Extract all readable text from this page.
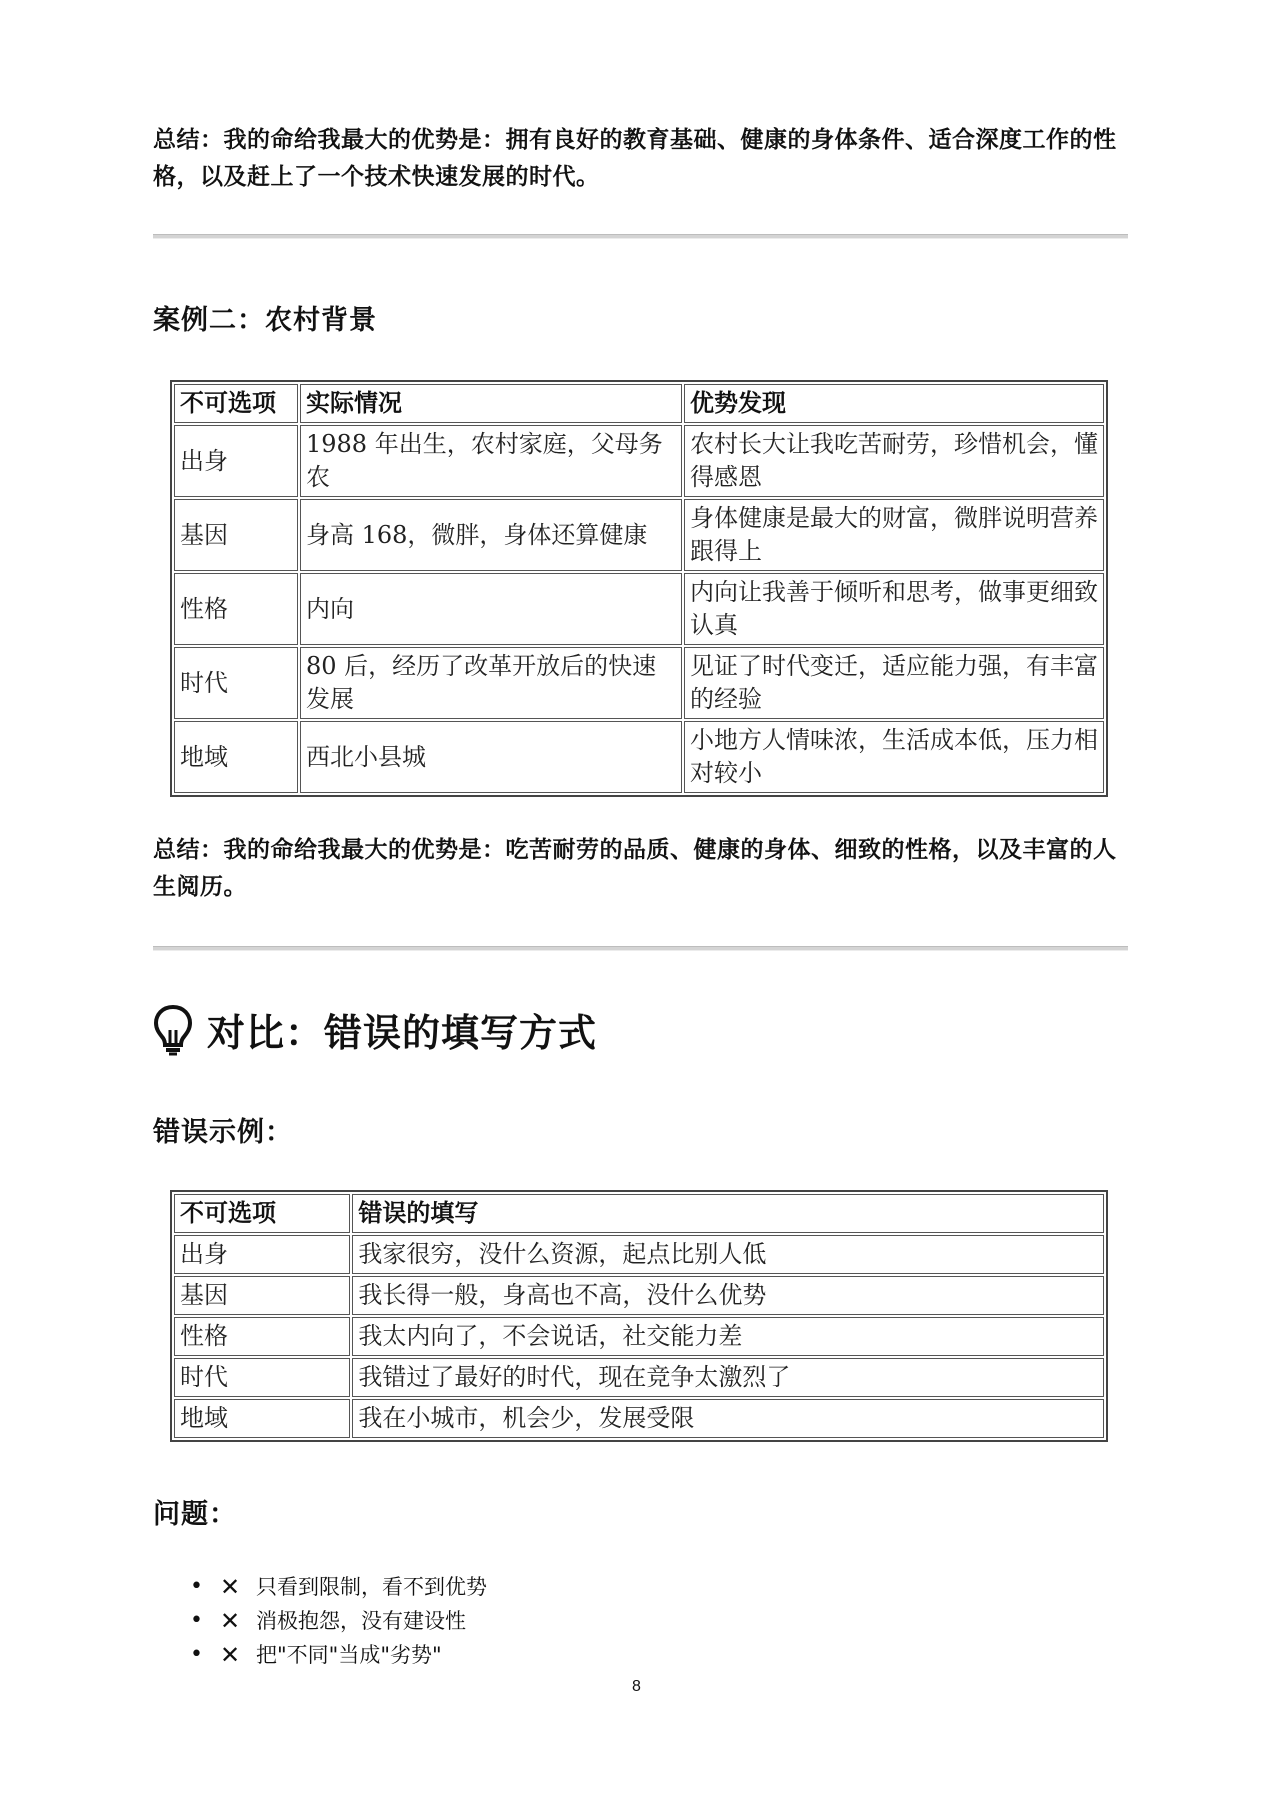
总结：我的命给我最大的优势是：拥有良好的教育基础、健康的身体条件、适合深度工作的性格，以及赶上了一个技术快速发展的时代。
案例二：农村背景
不可选项	实际情况	优势发现
出身	1988 年出生，农村家庭，父母务农	农村长大让我吃苦耐劳，珍惜机会，懂得感恩
基因	身高 168，微胖，身体还算健康	身体健康是最大的财富，微胖说明营养跟得上
性格	内向	内向让我善于倾听和思考，做事更细致认真
时代	80 后，经历了改革开放后的快速发展	见证了时代变迁，适应能力强，有丰富的经验
地域	西北小县城	小地方人情味浓，生活成本低，压力相对较小
总结：我的命给我最大的优势是：吃苦耐劳的品质、健康的身体、细致的性格，以及丰富的人生阅历。
对比：错误的填写方式
错误示例：
不可选项	错误的填写
出身	我家很穷，没什么资源，起点比别人低
基因	我长得一般，身高也不高，没什么优势
性格	我太内向了，不会说话，社交能力差
时代	我错过了最好的时代，现在竞争太激烈了
地域	我在小城市，机会少，发展受限
问题：
• ✕ 只看到限制，看不到优势
• ✕ 消极抱怨，没有建设性
• ✕ 把"不同"当成"劣势"
8
